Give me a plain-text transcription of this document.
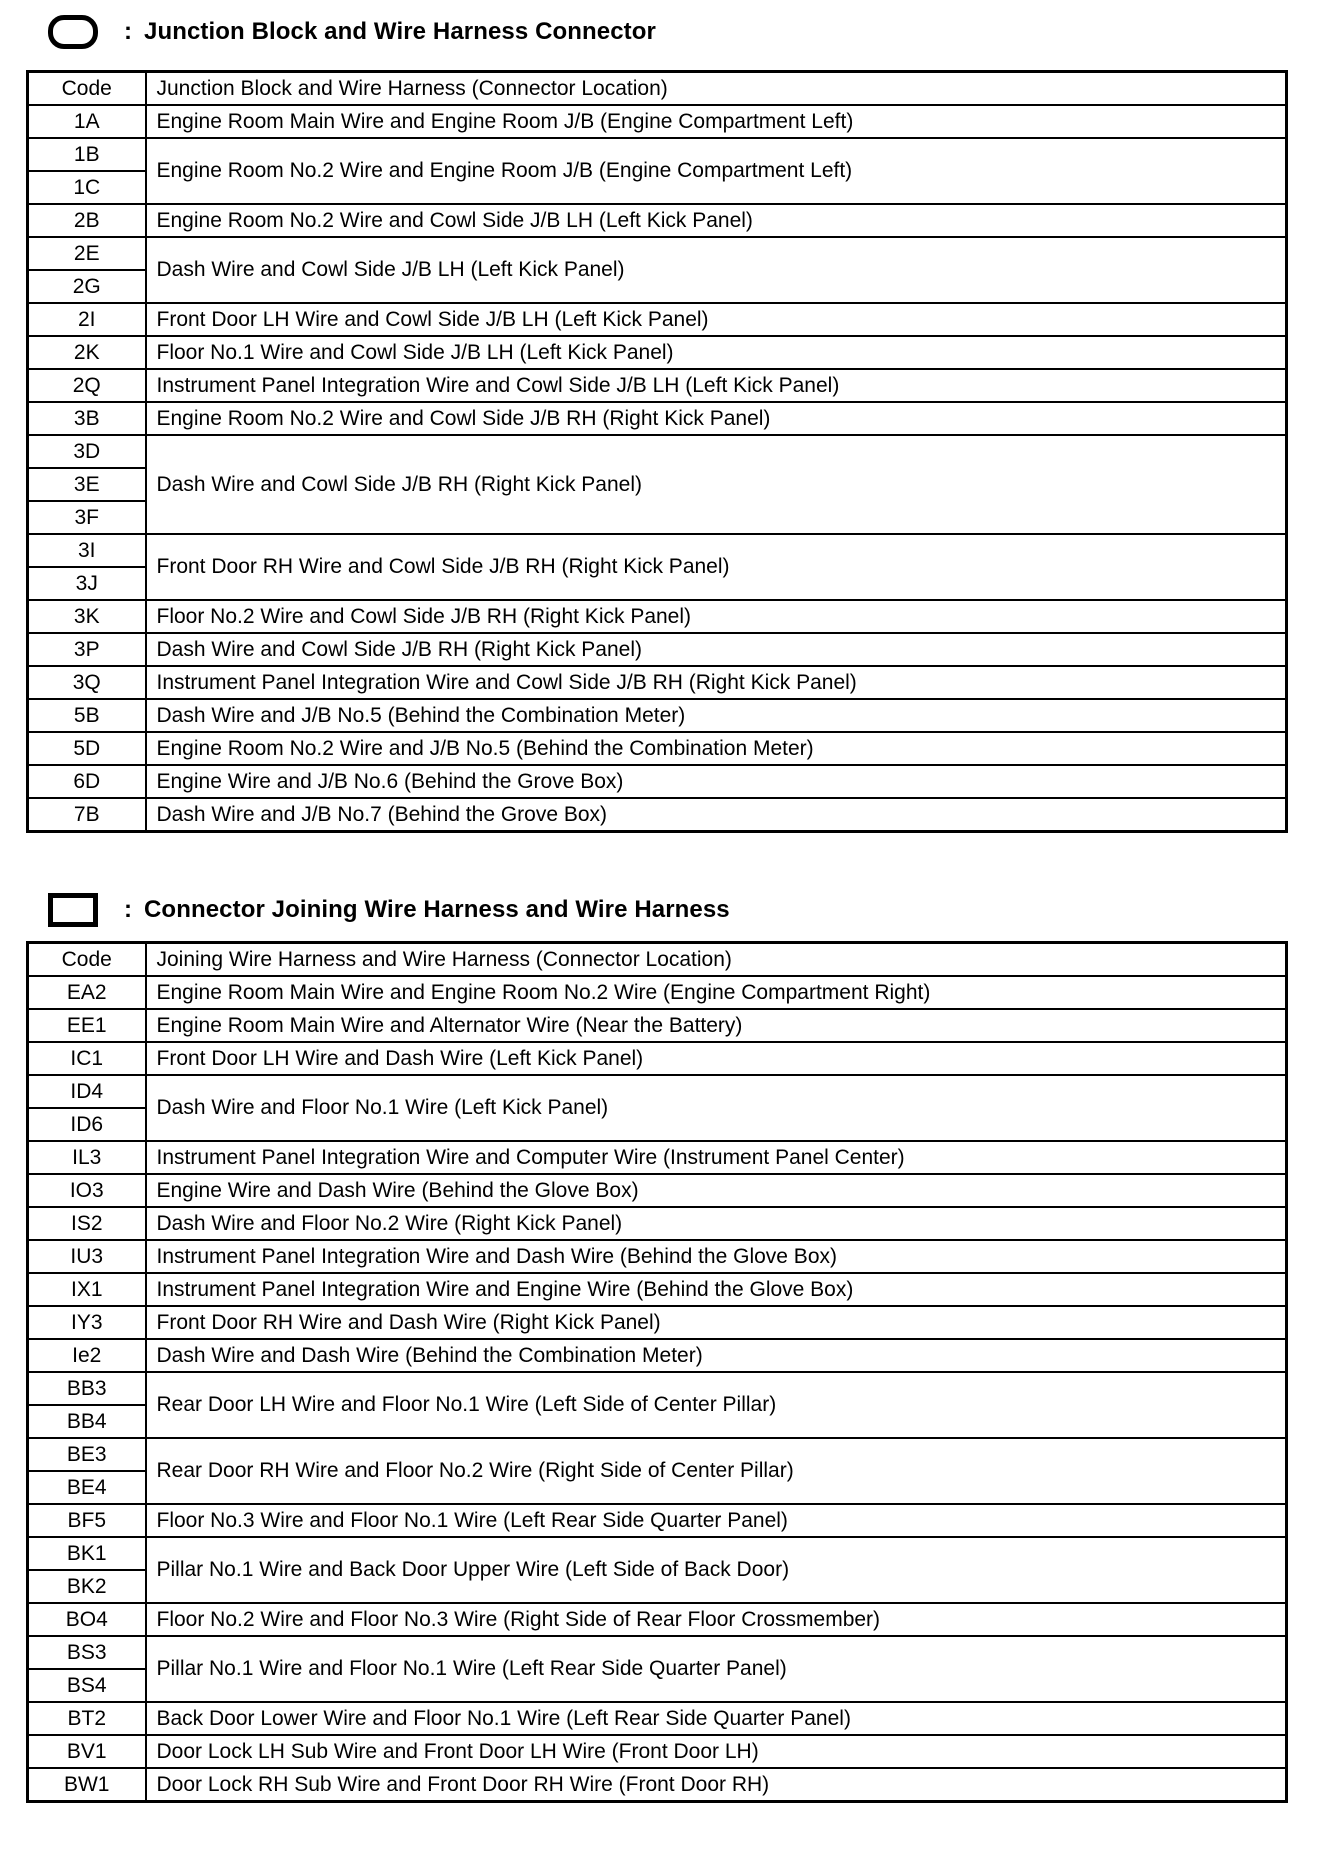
: Junction Block and Wire Harness Connector
Code	Junction Block and Wire Harness (Connector Location)
1A	Engine Room Main Wire and Engine Room J/B (Engine Compartment Left)
1B	Engine Room No.2 Wire and Engine Room J/B (Engine Compartment Left)
1C	
2B	Engine Room No.2 Wire and Cowl Side J/B LH (Left Kick Panel)
2E	Dash Wire and Cowl Side J/B LH (Left Kick Panel)
2G	
2I	Front Door LH Wire and Cowl Side J/B LH (Left Kick Panel)
2K	Floor No.1 Wire and Cowl Side J/B LH (Left Kick Panel)
2Q	Instrument Panel Integration Wire and Cowl Side J/B LH (Left Kick Panel)
3B	Engine Room No.2 Wire and Cowl Side J/B RH (Right Kick Panel)
3D	Dash Wire and Cowl Side J/B RH (Right Kick Panel)
3E	
3F	
3I	Front Door RH Wire and Cowl Side J/B RH (Right Kick Panel)
3J	
3K	Floor No.2 Wire and Cowl Side J/B RH (Right Kick Panel)
3P	Dash Wire and Cowl Side J/B RH (Right Kick Panel)
3Q	Instrument Panel Integration Wire and Cowl Side J/B RH (Right Kick Panel)
5B	Dash Wire and J/B No.5 (Behind the Combination Meter)
5D	Engine Room No.2 Wire and J/B No.5 (Behind the Combination Meter)
6D	Engine Wire and J/B No.6 (Behind the Grove Box)
7B	Dash Wire and J/B No.7 (Behind the Grove Box)
: Connector Joining Wire Harness and Wire Harness
Code	Joining Wire Harness and Wire Harness (Connector Location)
EA2	Engine Room Main Wire and Engine Room No.2 Wire (Engine Compartment Right)
EE1	Engine Room Main Wire and Alternator Wire (Near the Battery)
IC1	Front Door LH Wire and Dash Wire (Left Kick Panel)
ID4	Dash Wire and Floor No.1 Wire (Left Kick Panel)
ID6	
IL3	Instrument Panel Integration Wire and Computer Wire (Instrument Panel Center)
IO3	Engine Wire and Dash Wire (Behind the Glove Box)
IS2	Dash Wire and Floor No.2 Wire (Right Kick Panel)
IU3	Instrument Panel Integration Wire and Dash Wire (Behind the Glove Box)
IX1	Instrument Panel Integration Wire and Engine Wire (Behind the Glove Box)
IY3	Front Door RH Wire and Dash Wire (Right Kick Panel)
Ie2	Dash Wire and Dash Wire (Behind the Combination Meter)
BB3	Rear Door LH Wire and Floor No.1 Wire (Left Side of Center Pillar)
BB4	
BE3	Rear Door RH Wire and Floor No.2 Wire (Right Side of Center Pillar)
BE4	
BF5	Floor No.3 Wire and Floor No.1 Wire (Left Rear Side Quarter Panel)
BK1	Pillar No.1 Wire and Back Door Upper Wire (Left Side of Back Door)
BK2	
BO4	Floor No.2 Wire and Floor No.3 Wire (Right Side of Rear Floor Crossmember)
BS3	Pillar No.1 Wire and Floor No.1 Wire (Left Rear Side Quarter Panel)
BS4	
BT2	Back Door Lower Wire and Floor No.1 Wire (Left Rear Side Quarter Panel)
BV1	Door Lock LH Sub Wire and Front Door LH Wire (Front Door LH)
BW1	Door Lock RH Sub Wire and Front Door RH Wire (Front Door RH)
